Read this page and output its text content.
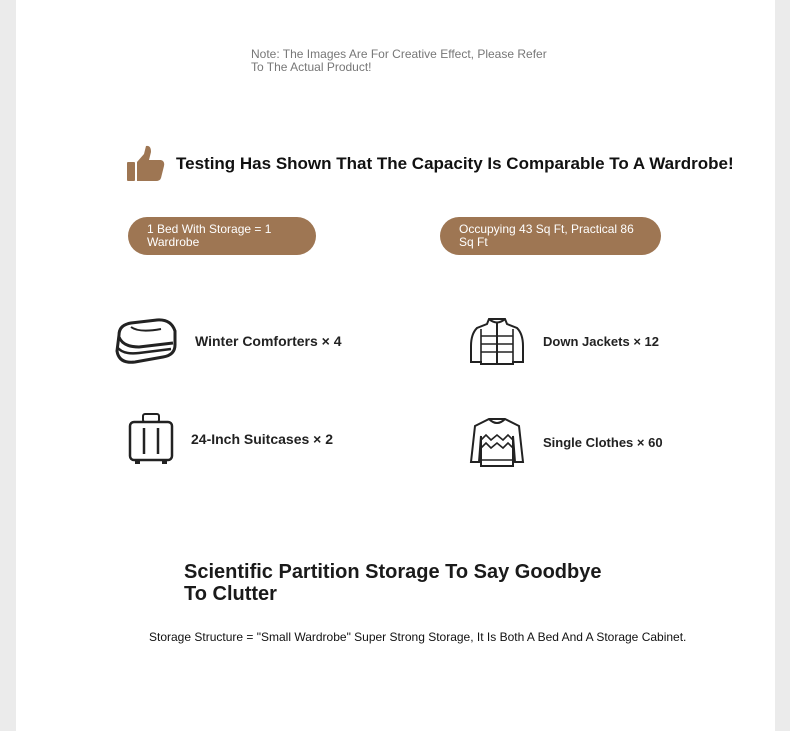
Note: The Images Are For Creative Effect, Please Refer To The Actual Product!
Testing Has Shown That The Capacity Is Comparable To A Wardrobe!
1 Bed With Storage = 1 Wardrobe
Occupying 43 Sq Ft, Practical 86 Sq Ft
Winter Comforters × 4	Down Jackets × 12
24-Inch Suitcases × 2	Single Clothes × 60
Scientific Partition Storage To Say Goodbye To Clutter
Storage Structure = "Small Wardrobe" Super Strong Storage, It Is Both A Bed And A Storage Cabinet.
